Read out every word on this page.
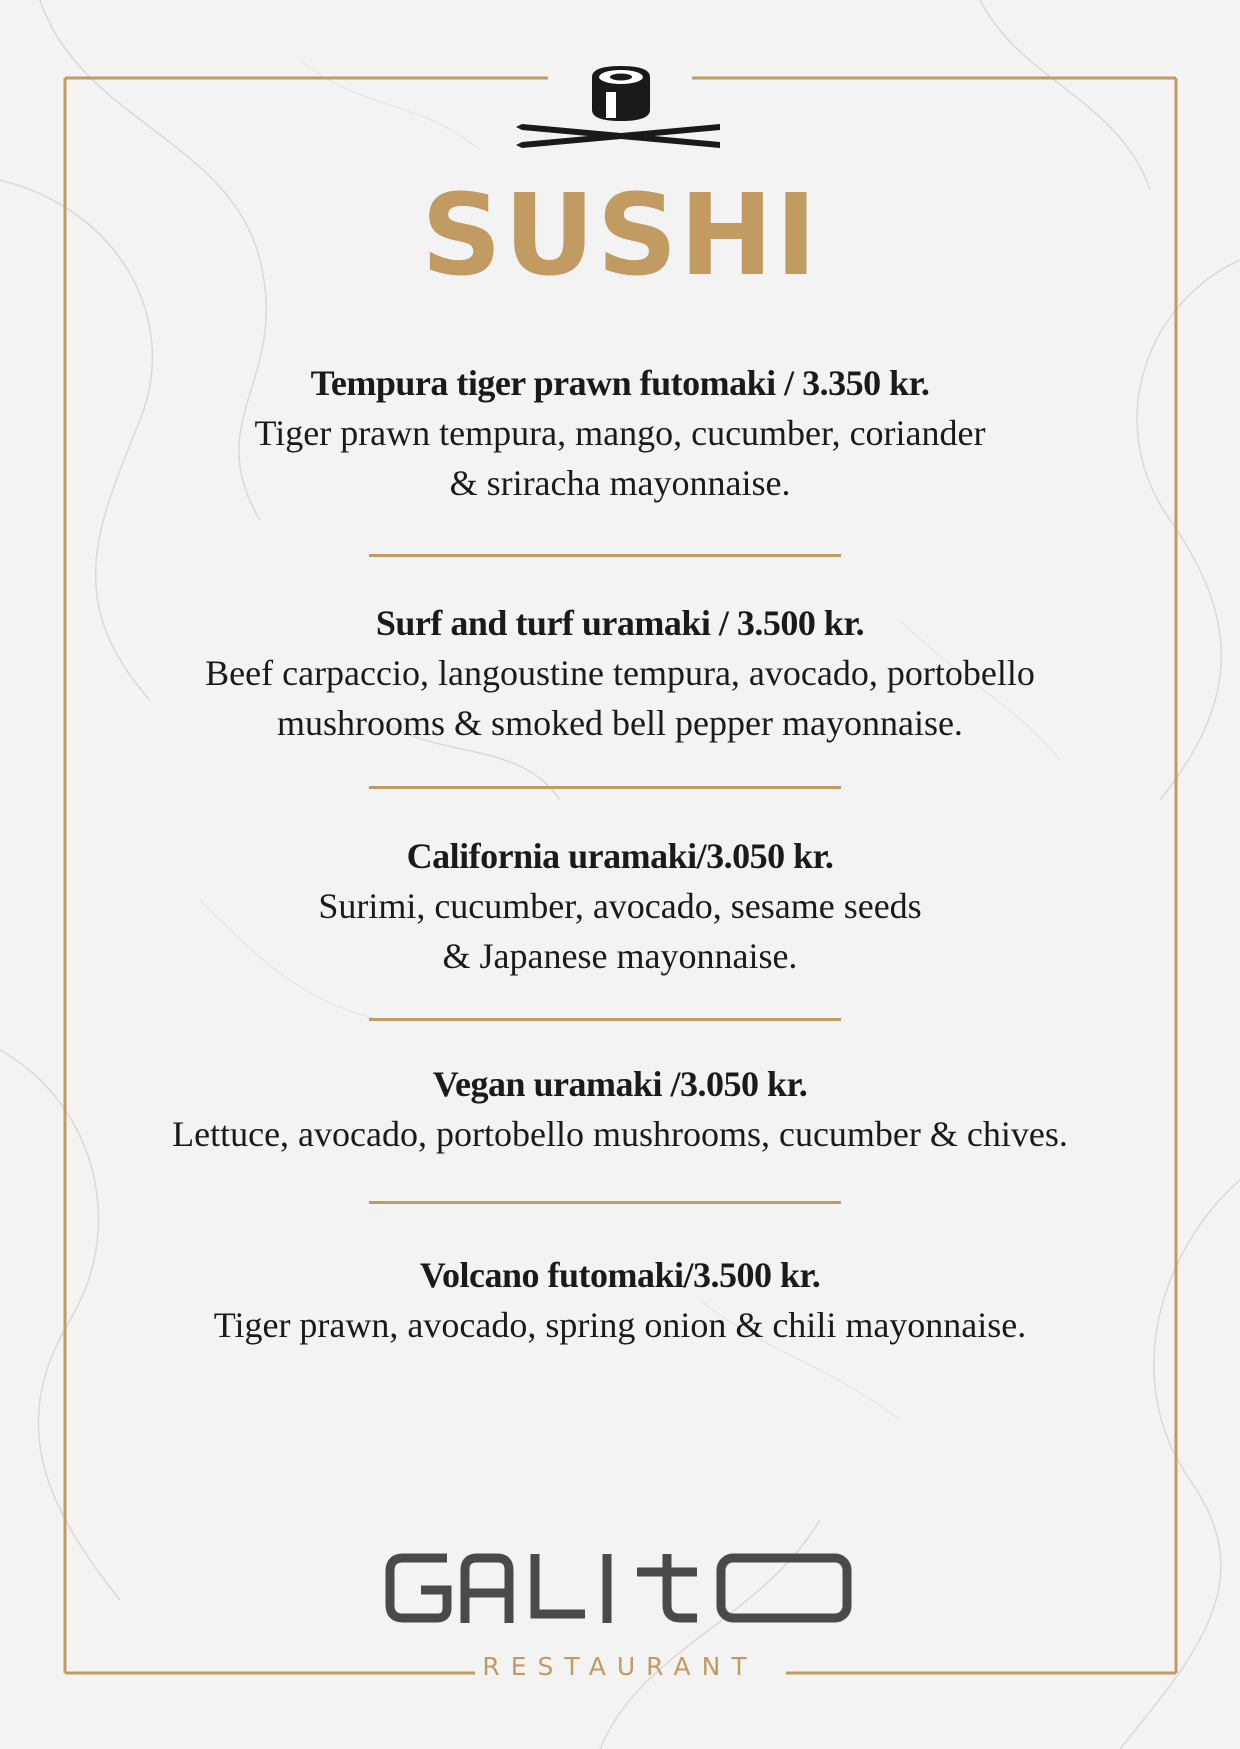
SUSHI
Tempura tiger prawn futomaki / 3.350 kr.
Tiger prawn tempura, mango, cucumber, coriander
& sriracha mayonnaise.
Surf and turf uramaki / 3.500 kr.
Beef carpaccio, langoustine tempura, avocado, portobello
mushrooms & smoked bell pepper mayonnaise.
California uramaki/3.050 kr.
Surimi, cucumber, avocado, sesame seeds
& Japanese mayonnaise.
Vegan uramaki /3.050 kr.
Lettuce, avocado, portobello mushrooms, cucumber & chives.
Volcano futomaki/3.500 kr.
Tiger prawn, avocado, spring onion & chili mayonnaise.
RESTAURANT
